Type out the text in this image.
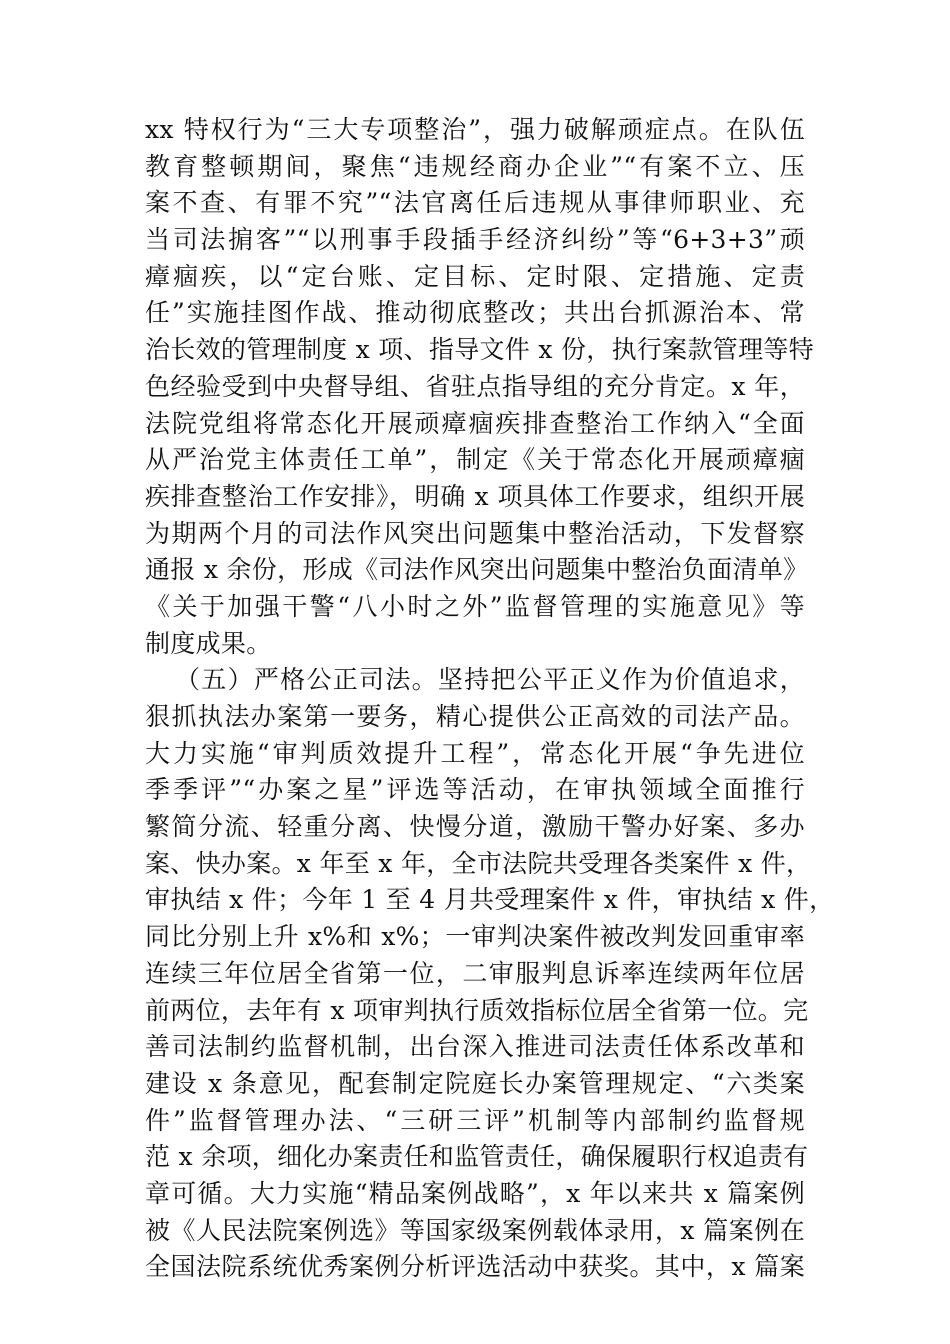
xx 特权行为“三大专项整治”，强力破解顽症点。在队伍
教育整顿期间，聚焦“违规经商办企业”“有案不立、压
案不查、有罪不究”“法官离任后违规从事律师职业、充
当司法掮客”“以刑事手段插手经济纠纷”等“6+3+3”顽
瘴痼疾，以“定台账、定目标、定时限、定措施、定责
任”实施挂图作战、推动彻底整改；共出台抓源治本、常
治长效的管理制度 x 项、指导文件 x 份，执行案款管理等特
色经验受到中央督导组、省驻点指导组的充分肯定。x 年，
法院党组将常态化开展顽瘴痼疾排查整治工作纳入“全面
从严治党主体责任工单”，制定《关于常态化开展顽瘴痼
疾排查整治工作安排》，明确 x 项具体工作要求，组织开展
为期两个月的司法作风突出问题集中整治活动，下发督察
通报 x 余份，形成《司法作风突出问题集中整治负面清单》
《关于加强干警“八小时之外”监督管理的实施意见》等
制度成果。
（五）严格公正司法。坚持把公平正义作为价值追求，
狠抓执法办案第一要务，精心提供公正高效的司法产品。
大力实施“审判质效提升工程”，常态化开展“争先进位
季季评”“办案之星”评选等活动，在审执领域全面推行
繁简分流、轻重分离、快慢分道，激励干警办好案、多办
案、快办案。x 年至 x 年，全市法院共受理各类案件 x 件，
审执结 x 件；今年 1 至 4 月共受理案件 x 件，审执结 x 件，
同比分别上升 x%和 x%；一审判决案件被改判发回重审率
连续三年位居全省第一位，二审服判息诉率连续两年位居
前两位，去年有 x 项审判执行质效指标位居全省第一位。完
善司法制约监督机制，出台深入推进司法责任体系改革和
建设 x 条意见，配套制定院庭长办案管理规定、“六类案
件”监督管理办法、“三研三评”机制等内部制约监督规
范 x 余项，细化办案责任和监管责任，确保履职行权追责有
章可循。大力实施“精品案例战略”，x 年以来共 x 篇案例
被《人民法院案例选》等国家级案例载体录用，x 篇案例在
全国法院系统优秀案例分析评选活动中获奖。其中，x 篇案
